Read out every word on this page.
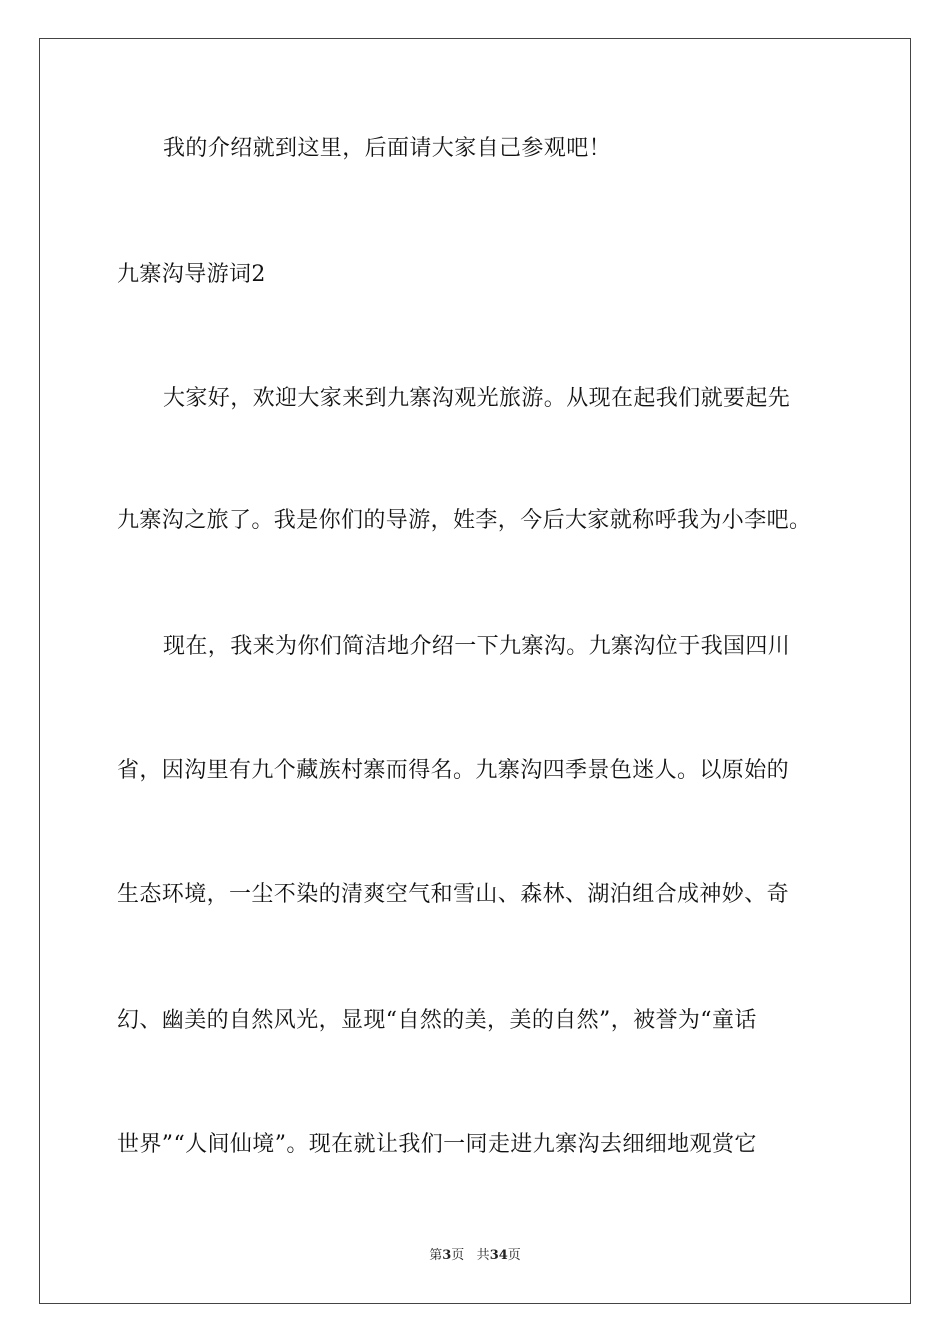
我的介绍就到这里，后面请大家自己参观吧！
九寨沟导游词2
大家好，欢迎大家来到九寨沟观光旅游。从现在起我们就要起先
九寨沟之旅了。我是你们的导游，姓李，今后大家就称呼我为小李吧。
现在，我来为你们简洁地介绍一下九寨沟。九寨沟位于我国四川
省，因沟里有九个藏族村寨而得名。九寨沟四季景色迷人。以原始的
生态环境，一尘不染的清爽空气和雪山、森林、湖泊组合成神妙、奇
幻、幽美的自然风光，显现“自然的美，美的自然”，被誉为“童话
世界”“人间仙境”。现在就让我们一同走进九寨沟去细细地观赏它
第3页 共34页
